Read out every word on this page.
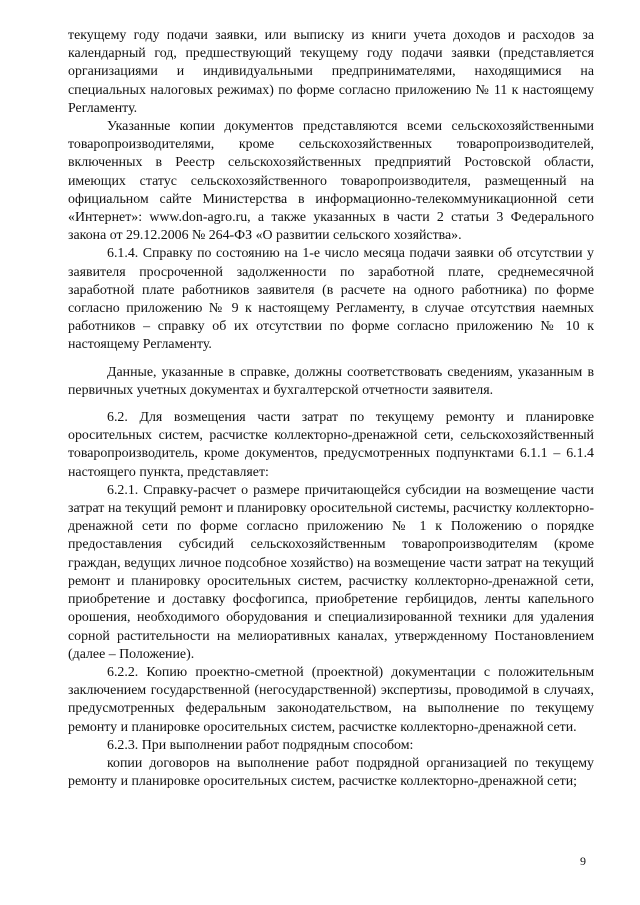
текущему году подачи заявки, или выписку из книги учета доходов и расходов за календарный год, предшествующий текущему году подачи заявки (представляется организациями и индивидуальными предпринимателями, находящимися на специальных налоговых режимах) по форме согласно приложению № 11 к настоящему Регламенту.

Указанные копии документов представляются всеми сельскохозяйственными товаропроизводителями, кроме сельскохозяйственных товаропроизводителей, включенных в Реестр сельскохозяйственных предприятий Ростовской области, имеющих статус сельскохозяйственного товаропроизводителя, размещенный на официальном сайте Министерства в информационно-телекоммуникационной сети «Интернет»: www.don-agro.ru, а также указанных в части 2 статьи 3 Федерального закона от 29.12.2006 № 264-ФЗ «О развитии сельского хозяйства».

6.1.4. Справку по состоянию на 1-е число месяца подачи заявки об отсутствии у заявителя просроченной задолженности по заработной плате, среднемесячной заработной плате работников заявителя (в расчете на одного работника) по форме согласно приложению № 9 к настоящему Регламенту, в случае отсутствия наемных работников – справку об их отсутствии по форме согласно приложению № 10 к настоящему Регламенту.

Данные, указанные в справке, должны соответствовать сведениям, указанным в первичных учетных документах и бухгалтерской отчетности заявителя.

6.2. Для возмещения части затрат по текущему ремонту и планировке оросительных систем, расчистке коллекторно-дренажной сети, сельскохозяйственный товаропроизводитель, кроме документов, предусмотренных подпунктами 6.1.1 – 6.1.4 настоящего пункта, представляет:

6.2.1. Справку-расчет о размере причитающейся субсидии на возмещение части затрат на текущий ремонт и планировку оросительной системы, расчистку коллекторно-дренажной сети по форме согласно приложению № 1 к Положению о порядке предоставления субсидий сельскохозяйственным товаропроизводителям (кроме граждан, ведущих личное подсобное хозяйство) на возмещение части затрат на текущий ремонт и планировку оросительных систем, расчистку коллекторно-дренажной сети, приобретение и доставку фосфогипса, приобретение гербицидов, ленты капельного орошения, необходимого оборудования и специализированной техники для удаления сорной растительности на мелиоративных каналах, утвержденному Постановлением (далее – Положение).

6.2.2. Копию проектно-сметной (проектной) документации с положительным заключением государственной (негосударственной) экспертизы, проводимой в случаях, предусмотренных федеральным законодательством, на выполнение по текущему ремонту и планировке оросительных систем, расчистке коллекторно-дренажной сети.

6.2.3. При выполнении работ подрядным способом:

копии договоров на выполнение работ подрядной организацией по текущему ремонту и планировке оросительных систем, расчистке коллекторно-дренажной сети;

9
